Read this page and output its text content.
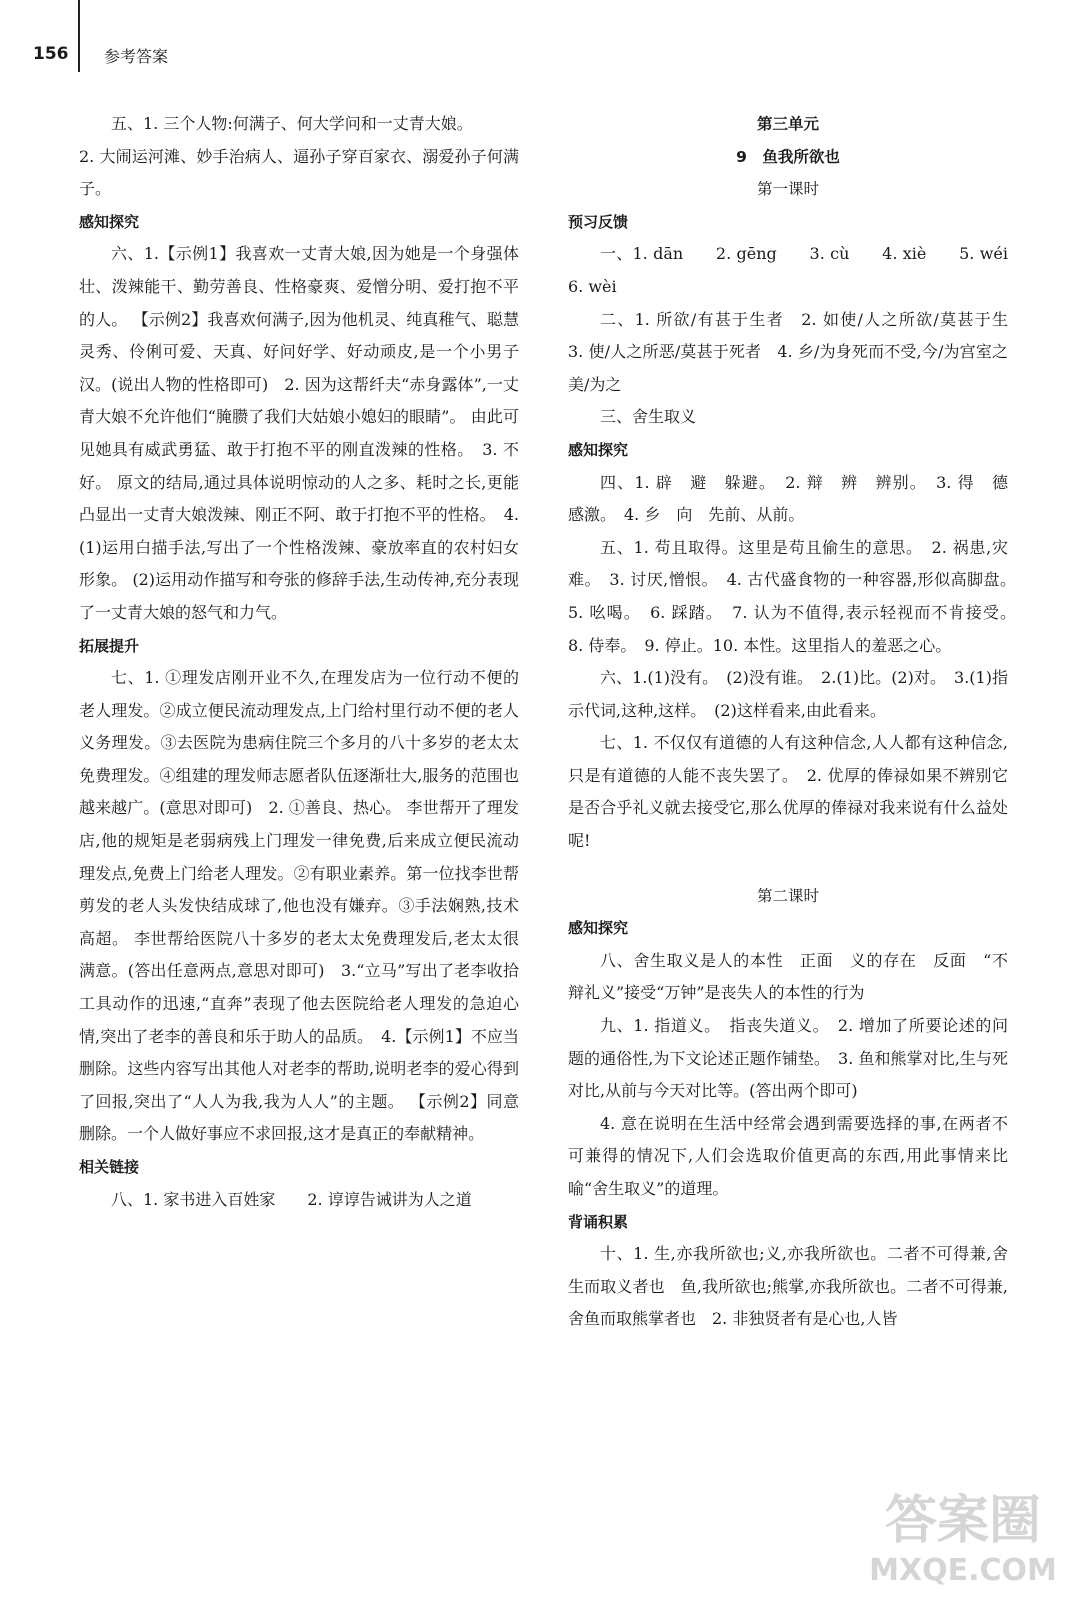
156 参考答案

五、1. 三个人物:何满子、何大学问和一丈青大娘。

2. 大闹运河滩、妙手治病人、逼孙子穿百家衣、溺爱孙子何满子。

感知探究

六、1.【示例1】我喜欢一丈青大娘,因为她是一个身强体壮、泼辣能干、勤劳善良、性格豪爽、爱憎分明、爱打抱不平的人。 【示例2】我喜欢何满子,因为他机灵、纯真稚气、聪慧灵秀、伶俐可爱、天真、好问好学、好动顽皮,是一个小男子汉。(说出人物的性格即可)　2. 因为这帮纤夫“赤身露体”,一丈青大娘不允许他们“腌臜了我们大姑娘小媳妇的眼睛”。 由此可见她具有威武勇猛、敢于打抱不平的刚直泼辣的性格。　3. 不好。 原文的结局,通过具体说明惊动的人之多、耗时之长,更能凸显出一丈青大娘泼辣、刚正不阿、敢于打抱不平的性格。　4.(1)运用白描手法,写出了一个性格泼辣、豪放率直的农村妇女形象。 (2)运用动作描写和夸张的修辞手法,生动传神,充分表现了一丈青大娘的怒气和力气。

拓展提升

七、1. ①理发店刚开业不久,在理发店为一位行动不便的老人理发。②成立便民流动理发点,上门给村里行动不便的老人义务理发。③去医院为患病住院三个多月的八十多岁的老太太免费理发。④组建的理发师志愿者队伍逐渐壮大,服务的范围也越来越广。(意思对即可)　2. ①善良、热心。 李世帮开了理发店,他的规矩是老弱病残上门理发一律免费,后来成立便民流动理发点,免费上门给老人理发。②有职业素养。第一位找李世帮剪发的老人头发快结成球了,他也没有嫌弃。③手法娴熟,技术高超。 李世帮给医院八十多岁的老太太免费理发后,老太太很满意。(答出任意两点,意思对即可)　3.“立马”写出了老李收拾工具动作的迅速,“直奔”表现了他去医院给老人理发的急迫心情,突出了老李的善良和乐于助人的品质。　4.【示例1】不应当删除。这些内容写出其他人对老李的帮助,说明老李的爱心得到了回报,突出了“人人为我,我为人人”的主题。 【示例2】同意删除。一个人做好事应不求回报,这才是真正的奉献精神。

相关链接

八、1. 家书进入百姓家　　2. 谆谆告诫讲为人之道

第三单元

9　鱼我所欲也

第一课时

预习反馈

一、1. dān　　2. gēng　　3. cù　　4. xiè　　5. wéi　　6. wèi

二、1. 所欲/有甚于生者　2. 如使/人之所欲/莫甚于生　3. 使/人之所恶/莫甚于死者　4. 乡/为身死而不受,今/为宫室之美/为之

三、舍生取义

感知探究

四、1. 辟　避　躲避。　2. 辩　辨　辨别。　3. 得　德　感激。　4. 乡　向　先前、从前。

五、1. 苟且取得。这里是苟且偷生的意思。　2. 祸患,灾难。　3. 讨厌,憎恨。　4. 古代盛食物的一种容器,形似高脚盘。　5. 吆喝。　6. 踩踏。　7. 认为不值得,表示轻视而不肯接受。　8. 侍奉。　9. 停止。10. 本性。这里指人的羞恶之心。

六、1.(1)没有。　(2)没有谁。　2.(1)比。(2)对。　3.(1)指示代词,这种,这样。　(2)这样看来,由此看来。

七、1. 不仅仅有道德的人有这种信念,人人都有这种信念,只是有道德的人能不丧失罢了。　2. 优厚的俸禄如果不辨别它是否合乎礼义就去接受它,那么优厚的俸禄对我来说有什么益处呢!

第二课时

感知探究

八、舍生取义是人的本性　正面　义的存在　反面　“不辩礼义”接受“万钟”是丧失人的本性的行为

九、1. 指道义。　指丧失道义。　2. 增加了所要论述的问题的通俗性,为下文论述正题作铺垫。　3. 鱼和熊掌对比,生与死对比,从前与今天对比等。(答出两个即可)

4. 意在说明在生活中经常会遇到需要选择的事,在两者不可兼得的情况下,人们会选取价值更高的东西,用此事情来比喻“舍生取义”的道理。

背诵积累

十、1. 生,亦我所欲也;义,亦我所欲也。二者不可得兼,舍生而取义者也　鱼,我所欲也;熊掌,亦我所欲也。二者不可得兼,舍鱼而取熊掌者也　2. 非独贤者有是心也,人皆

答案圈
MXQE.COM
